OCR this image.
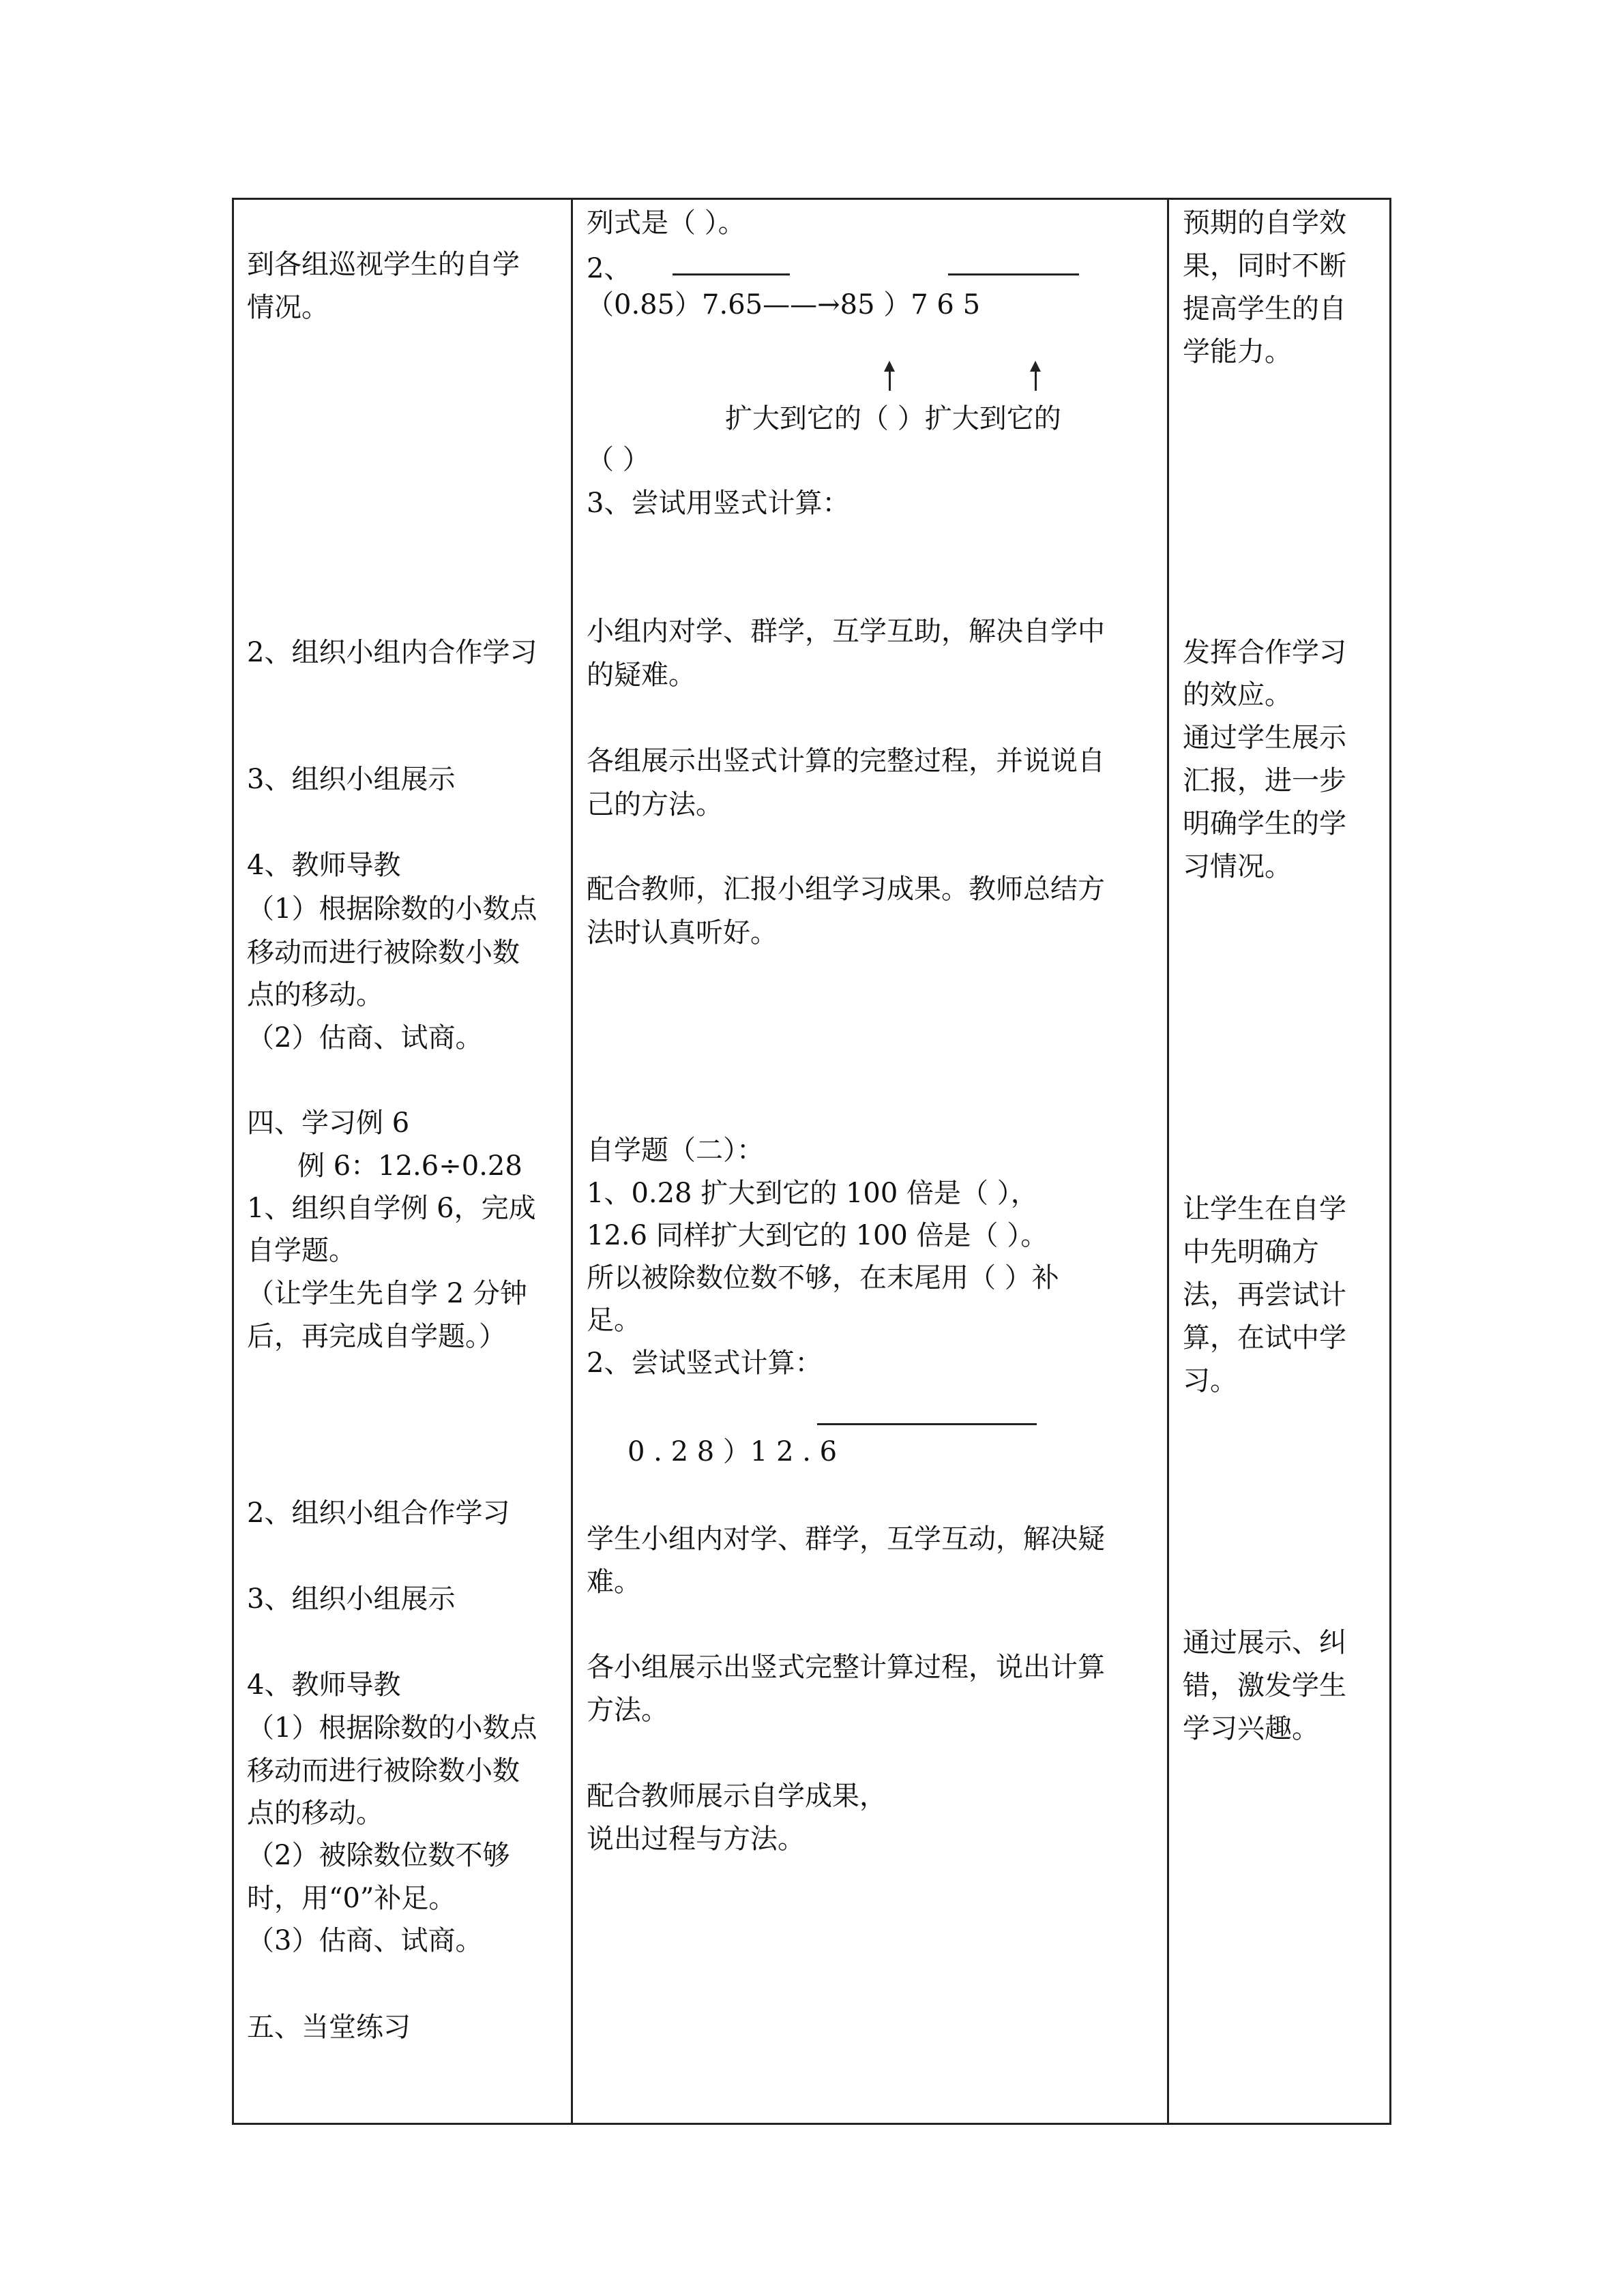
到各组巡视学生的自学
情况。
2、组织小组内合作学习
3、组织小组展示
4、教师导教
（1）根据除数的小数点
移动而进行被除数小数
点的移动。
（2）估商、试商。
四、学习例 6
例 6：12.6÷0.28
1、组织自学例 6，完成
自学题。
（让学生先自学 2 分钟
后，再完成自学题。）
2、组织小组合作学习
3、组织小组展示
4、教师导教
（1）根据除数的小数点
移动而进行被除数小数
点的移动。
（2）被除数位数不够
时，用“0”补足。
（3）估商、试商。
五、当堂练习
列式是（ ）。
2、
（0.85）7.65——→85 ）7 6 5
扩大到它的（ ）扩大到它的
（ ）
3、尝试用竖式计算：
小组内对学、群学，互学互助，解决自学中
的疑难。
各组展示出竖式计算的完整过程，并说说自
己的方法。
配合教师，汇报小组学习成果。教师总结方
法时认真听好。
自学题（二）：
1、0.28 扩大到它的 100 倍是（ ），
12.6 同样扩大到它的 100 倍是（ ）。
所以被除数位数不够，在末尾用（ ）补
足。
2、尝试竖式计算：
0 . 2 8 ）1 2 . 6
学生小组内对学、群学，互学互动，解决疑
难。
各小组展示出竖式完整计算过程，说出计算
方法。
配合教师展示自学成果，
说出过程与方法。
预期的自学效
果，同时不断
提高学生的自
学能力。
发挥合作学习
的效应。
通过学生展示
汇报，进一步
明确学生的学
习情况。
让学生在自学
中先明确方
法，再尝试计
算，在试中学
习。
通过展示、纠
错，激发学生
学习兴趣。
